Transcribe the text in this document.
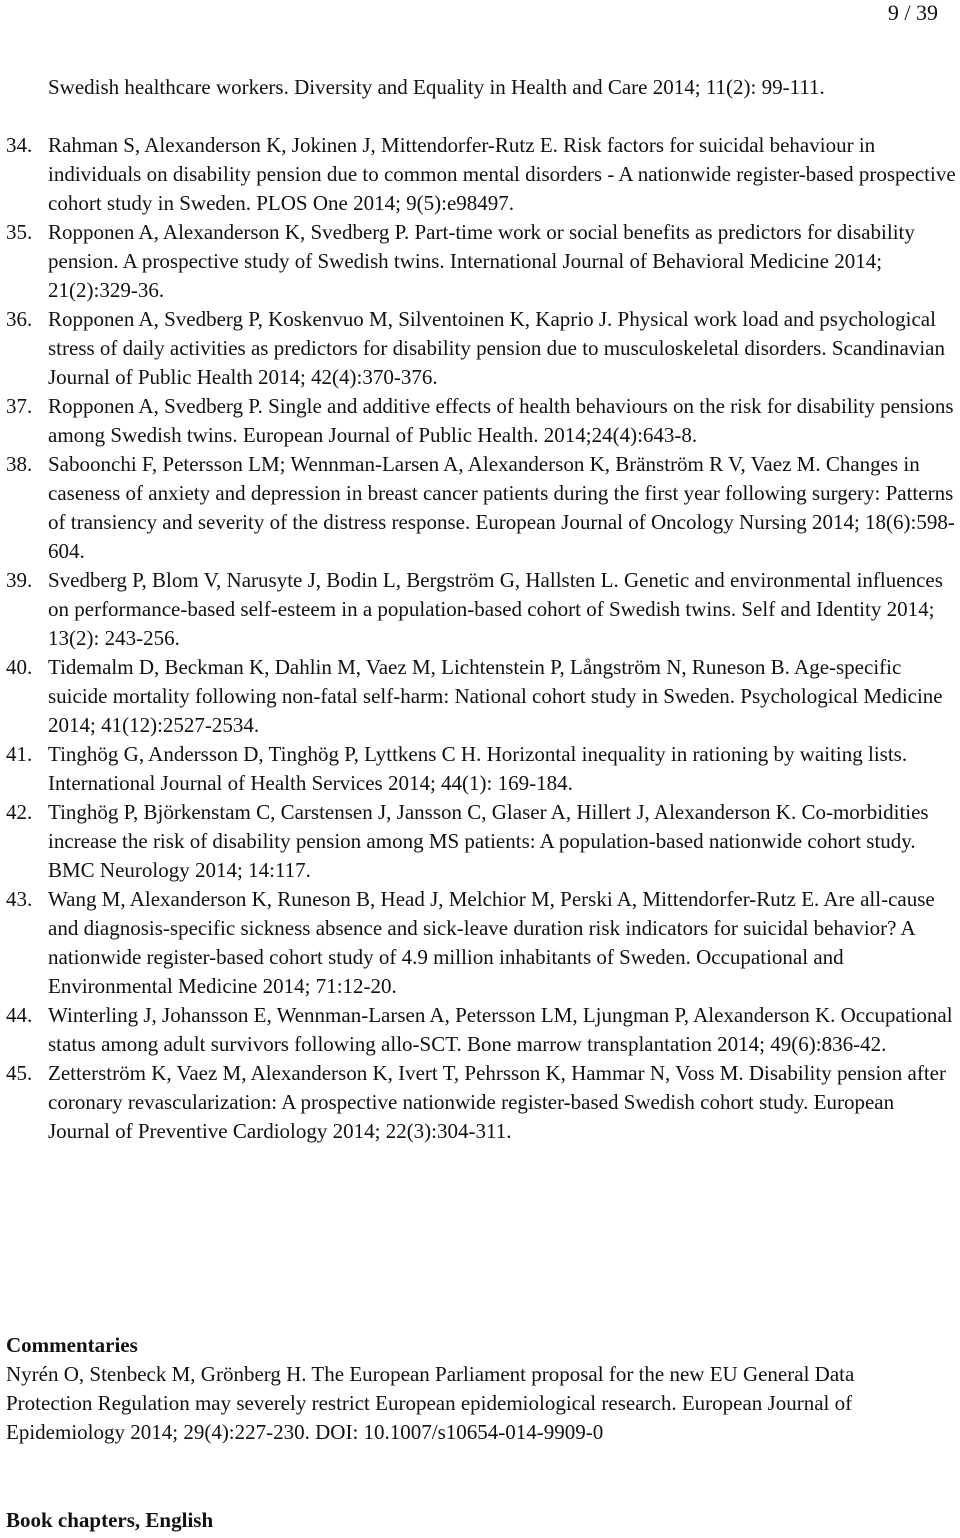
9 / 39
Swedish healthcare workers. Diversity and Equality in Health and Care 2014; 11(2): 99-111.
34. Rahman S, Alexanderson K, Jokinen J, Mittendorfer-Rutz E. Risk factors for suicidal behaviour in individuals on disability pension due to common mental disorders - A nationwide register-based prospective cohort study in Sweden. PLOS One 2014; 9(5):e98497.
35. Ropponen A, Alexanderson K, Svedberg P. Part-time work or social benefits as predictors for disability pension. A prospective study of Swedish twins. International Journal of Behavioral Medicine 2014; 21(2):329-36.
36. Ropponen A, Svedberg P, Koskenvuo M, Silventoinen K, Kaprio J. Physical work load and psychological stress of daily activities as predictors for disability pension due to musculoskeletal disorders. Scandinavian Journal of Public Health 2014; 42(4):370-376.
37. Ropponen A, Svedberg P. Single and additive effects of health behaviours on the risk for disability pensions among Swedish twins. European Journal of Public Health. 2014;24(4):643-8.
38. Saboonchi F, Petersson LM; Wennman-Larsen A, Alexanderson K, Bränström R V, Vaez M. Changes in caseness of anxiety and depression in breast cancer patients during the first year following surgery: Patterns of transiency and severity of the distress response. European Journal of Oncology Nursing 2014; 18(6):598-604.
39. Svedberg P, Blom V, Narusyte J, Bodin L, Bergström G, Hallsten L. Genetic and environmental influences on performance-based self-esteem in a population-based cohort of Swedish twins. Self and Identity 2014; 13(2): 243-256.
40. Tidemalm D, Beckman K, Dahlin M, Vaez M, Lichtenstein P, Långström N, Runeson B. Age-specific suicide mortality following non-fatal self-harm: National cohort study in Sweden. Psychological Medicine 2014; 41(12):2527-2534.
41. Tinghög G, Andersson D, Tinghög P, Lyttkens C H. Horizontal inequality in rationing by waiting lists. International Journal of Health Services 2014; 44(1): 169-184.
42. Tinghög P, Björkenstam C, Carstensen J, Jansson C, Glaser A, Hillert J, Alexanderson K. Co-morbidities increase the risk of disability pension among MS patients: A population-based nationwide cohort study. BMC Neurology 2014; 14:117.
43. Wang M, Alexanderson K, Runeson B, Head J, Melchior M, Perski A, Mittendorfer-Rutz E. Are all-cause and diagnosis-specific sickness absence and sick-leave duration risk indicators for suicidal behavior? A nationwide register-based cohort study of 4.9 million inhabitants of Sweden. Occupational and Environmental Medicine 2014; 71:12-20.
44. Winterling J, Johansson E, Wennman-Larsen A, Petersson LM, Ljungman P, Alexanderson K. Occupational status among adult survivors following allo-SCT. Bone marrow transplantation 2014; 49(6):836-42.
45. Zetterström K, Vaez M, Alexanderson K, Ivert T, Pehrsson K, Hammar N, Voss M. Disability pension after coronary revascularization: A prospective nationwide register-based Swedish cohort study. European Journal of Preventive Cardiology 2014; 22(3):304-311.
Commentaries

Nyrén O, Stenbeck M, Grönberg H. The European Parliament proposal for the new EU General Data Protection Regulation may severely restrict European epidemiological research. European Journal of Epidemiology 2014; 29(4):227-230. DOI: 10.1007/s10654-014-9909-0

Book chapters, English
